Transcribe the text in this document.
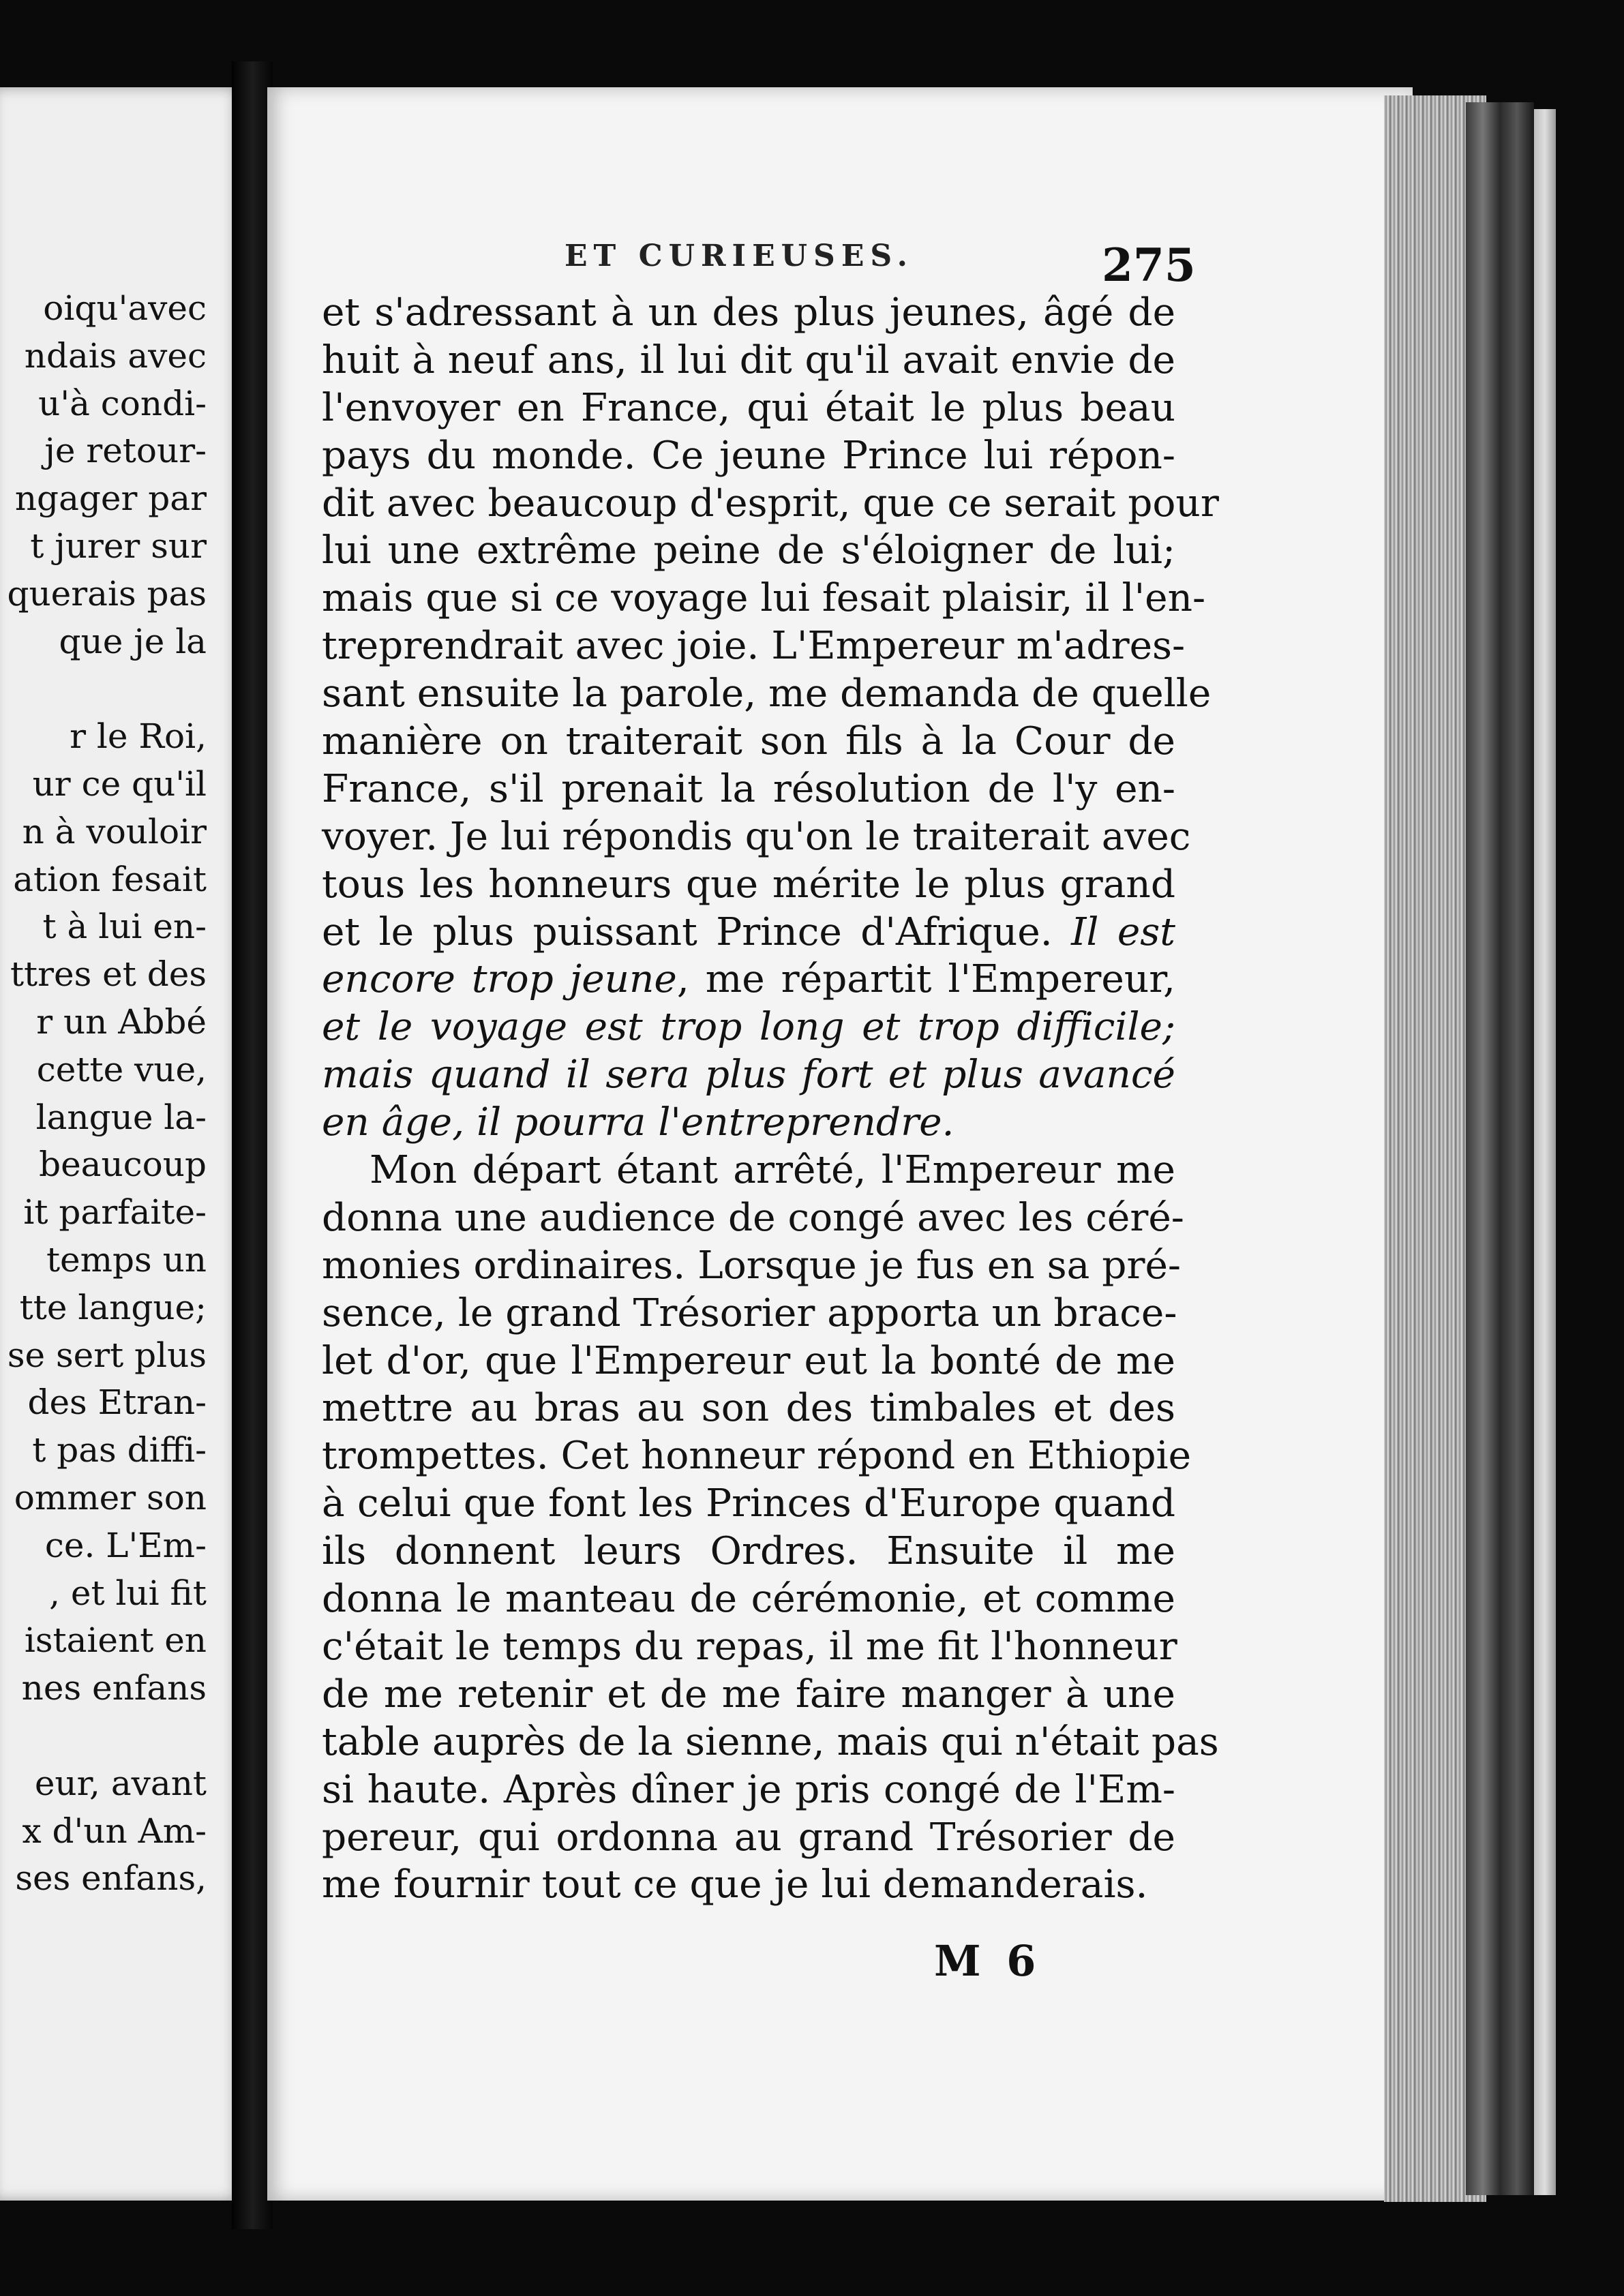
oiqu'avec
ndais avec
u'à condi-
je retour-
ngager par
t jurer sur
querais pas
que je la
r le Roi,
ur ce qu'il
n à vouloir
ation fesait
t à lui en-
ttres et des
r un Abbé
cette vue,
langue la-
beaucoup
it parfaite-
temps un
tte langue;
se sert plus
des Etran-
t pas diffi-
ommer son
ce. L'Em-
, et lui fit
istaient en
nes enfans
eur, avant
x d'un Am-
ses enfans,
ET CURIEUSES.	275
et s'adressant à un des plus jeunes, âgé de
huit à neuf ans, il lui dit qu'il avait envie de
l'envoyer en France, qui était le plus beau
pays du monde. Ce jeune Prince lui répon-
dit avec beaucoup d'esprit, que ce serait pour
lui une extrême peine de s'éloigner de lui;
mais que si ce voyage lui fesait plaisir, il l'en-
treprendrait avec joie. L'Empereur m'adres-
sant ensuite la parole, me demanda de quelle
manière on traiterait son fils à la Cour de
France, s'il prenait la résolution de l'y en-
voyer. Je lui répondis qu'on le traiterait avec
tous les honneurs que mérite le plus grand
et le plus puissant Prince d'Afrique. Il est
encore trop jeune, me répartit l'Empereur,
et le voyage est trop long et trop difficile;
mais quand il sera plus fort et plus avancé
en âge, il pourra l'entreprendre.
Mon départ étant arrêté, l'Empereur me
donna une audience de congé avec les céré-
monies ordinaires. Lorsque je fus en sa pré-
sence, le grand Trésorier apporta un brace-
let d'or, que l'Empereur eut la bonté de me
mettre au bras au son des timbales et des
trompettes. Cet honneur répond en Ethiopie
à celui que font les Princes d'Europe quand
ils donnent leurs Ordres. Ensuite il me
donna le manteau de cérémonie, et comme
c'était le temps du repas, il me fit l'honneur
de me retenir et de me faire manger à une
table auprès de la sienne, mais qui n'était pas
si haute. Après dîner je pris congé de l'Em-
pereur, qui ordonna au grand Trésorier de
me fournir tout ce que je lui demanderais.
M 6
